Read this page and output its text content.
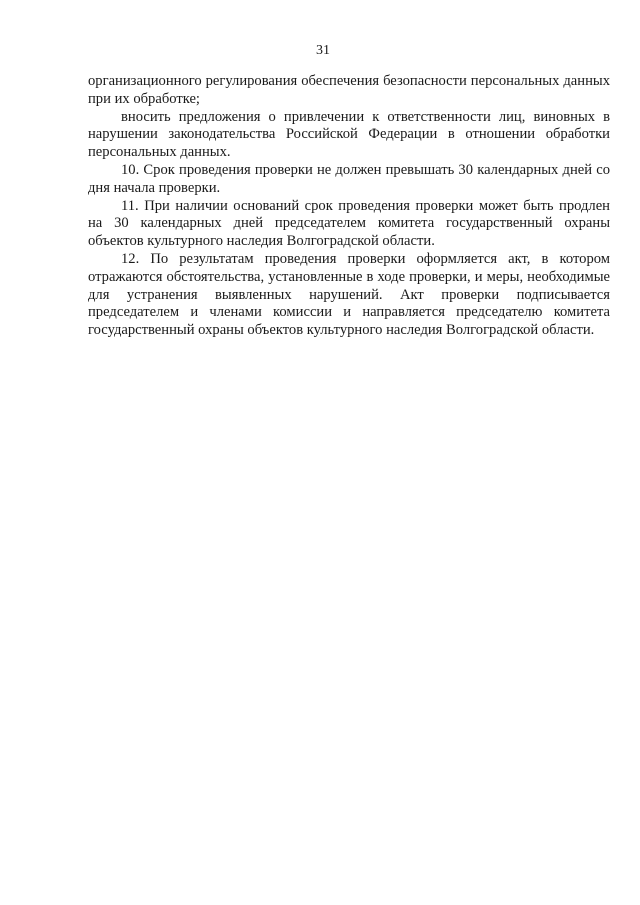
31

организационного регулирования обеспечения безопасности персональных данных при их обработке;

вносить предложения о привлечении к ответственности лиц, виновных в нарушении законодательства Российской Федерации в отношении обработки персональных данных.

10. Срок проведения проверки не должен превышать 30 календарных дней со дня начала проверки.

11. При наличии оснований срок проведения проверки может быть продлен на 30 календарных дней председателем комитета государственный охраны объектов культурного наследия Волгоградской области.

12. По результатам проведения проверки оформляется акт, в котором отражаются обстоятельства, установленные в ходе проверки, и меры, необходимые для устранения выявленных нарушений. Акт проверки подписывается председателем и членами комиссии и направляется председателю комитета государственный охраны объектов культурного наследия Волгоградской области.
